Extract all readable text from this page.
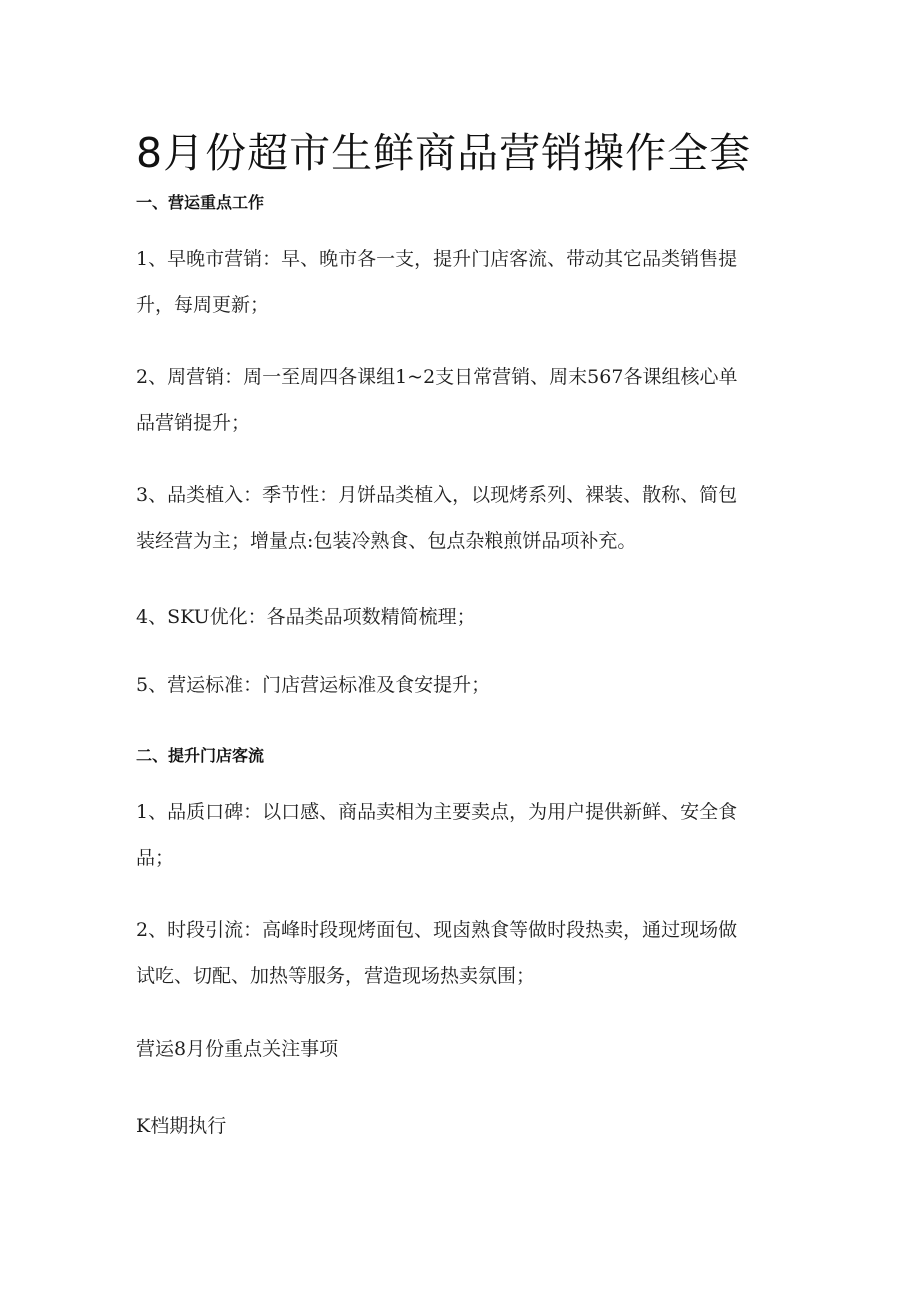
8月份超市生鲜商品营销操作全套
一、营运重点工作

1、早晚市营销：早、晚市各一支，提升门店客流、带动其它品类销售提
升，每周更新；

2、周营销：周一至周四各课组1~2支日常营销、周末567各课组核心单
品营销提升；

3、品类植入：季节性：月饼品类植入，以现烤系列、裸装、散称、简包
装经营为主；增量点:包装冷熟食、包点杂粮煎饼品项补充。

4、SKU优化：各品类品项数精简梳理；

5、营运标准：门店营运标准及食安提升；

二、提升门店客流

1、品质口碑：以口感、商品卖相为主要卖点，为用户提供新鲜、安全食
品；

2、时段引流：高峰时段现烤面包、现卤熟食等做时段热卖，通过现场做
试吃、切配、加热等服务，营造现场热卖氛围；

营运8月份重点关注事项

K档期执行
